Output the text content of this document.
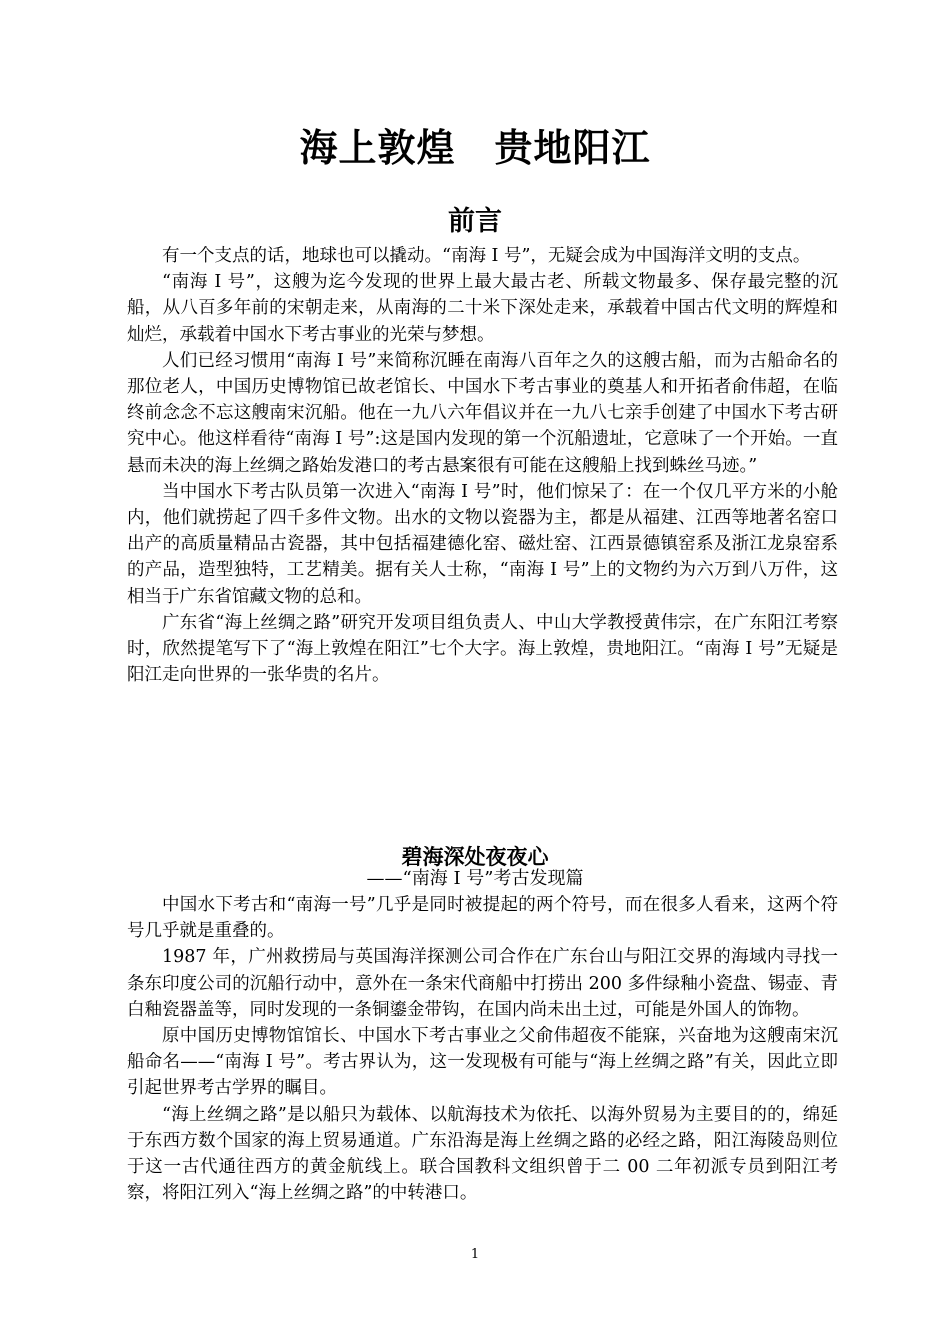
海上敦煌　贵地阳江
前言

有一个支点的话，地球也可以撬动。“南海 I 号”，无疑会成为中国海洋文明的支点。

“南海 I 号”，这艘为迄今发现的世界上最大最古老、所载文物最多、保存最完整的沉船，从八百多年前的宋朝走来，从南海的二十米下深处走来，承载着中国古代文明的辉煌和灿烂，承载着中国水下考古事业的光荣与梦想。

人们已经习惯用“南海 I 号”来简称沉睡在南海八百年之久的这艘古船，而为古船命名的那位老人，中国历史博物馆已故老馆长、中国水下考古事业的奠基人和开拓者俞伟超，在临终前念念不忘这艘南宋沉船。他在一九八六年倡议并在一九八七亲手创建了中国水下考古研究中心。他这样看待“南海 I 号”:这是国内发现的第一个沉船遗址，它意味了一个开始。一直悬而未决的海上丝绸之路始发港口的考古悬案很有可能在这艘船上找到蛛丝马迹。”

当中国水下考古队员第一次进入“南海 I 号”时，他们惊呆了：在一个仅几平方米的小舱内，他们就捞起了四千多件文物。出水的文物以瓷器为主，都是从福建、江西等地著名窑口出产的高质量精品古瓷器，其中包括福建德化窑、磁灶窑、江西景德镇窑系及浙江龙泉窑系的产品，造型独特，工艺精美。据有关人士称，“南海 I 号”上的文物约为六万到八万件，这相当于广东省馆藏文物的总和。

广东省“海上丝绸之路”研究开发项目组负责人、中山大学教授黄伟宗，在广东阳江考察时，欣然提笔写下了“海上敦煌在阳江”七个大字。海上敦煌，贵地阳江。“南海 I 号”无疑是阳江走向世界的一张华贵的名片。

碧海深处夜夜心
——“南海 I 号”考古发现篇

中国水下考古和“南海一号”几乎是同时被提起的两个符号，而在很多人看来，这两个符号几乎就是重叠的。

1987 年，广州救捞局与英国海洋探测公司合作在广东台山与阳江交界的海域内寻找一条东印度公司的沉船行动中，意外在一条宋代商船中打捞出 200 多件绿釉小瓷盘、锡壶、青白釉瓷器盖等，同时发现的一条铜鎏金带钩，在国内尚未出土过，可能是外国人的饰物。

原中国历史博物馆馆长、中国水下考古事业之父俞伟超夜不能寐，兴奋地为这艘南宋沉船命名——“南海 I 号”。考古界认为，这一发现极有可能与“海上丝绸之路”有关，因此立即引起世界考古学界的瞩目。

“海上丝绸之路”是以船只为载体、以航海技术为依托、以海外贸易为主要目的的，绵延于东西方数个国家的海上贸易通道。广东沿海是海上丝绸之路的必经之路，阳江海陵岛则位于这一古代通往西方的黄金航线上。联合国教科文组织曾于二 00 二年初派专员到阳江考察，将阳江列入“海上丝绸之路”的中转港口。

1
